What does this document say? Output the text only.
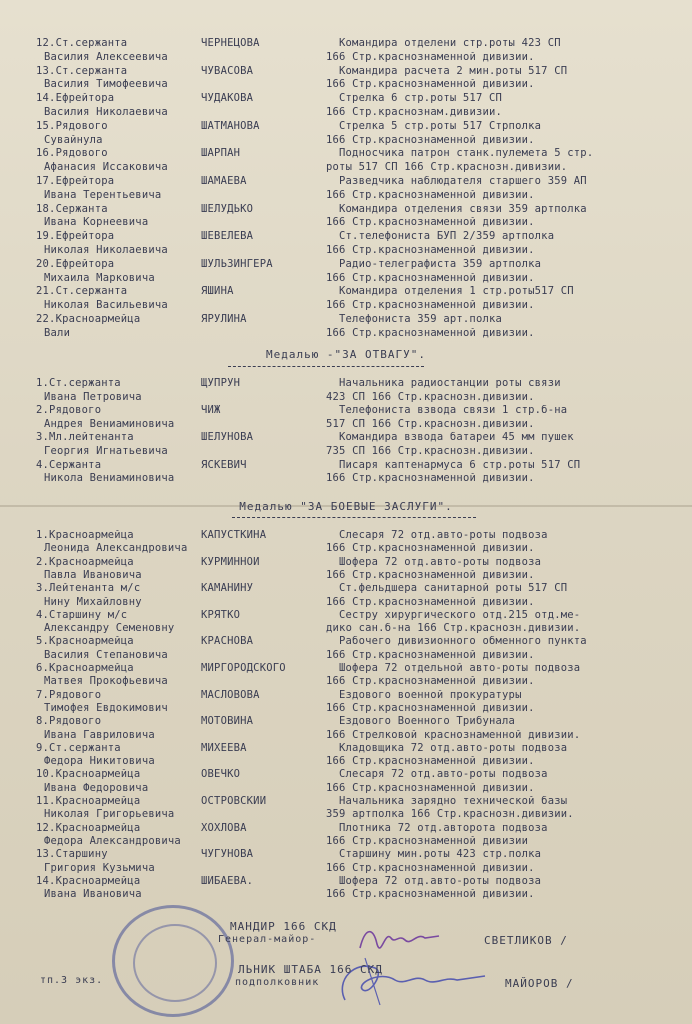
12.Ст.сержанта	ЧЕРНЕЦОВА	Командира отделени стр.роты 423 СП
Василия Алексеевича	166 Стр.краснознаменной дивизии.
13.Ст.сержанта	ЧУВАСОВА	Командира расчета 2 мин.роты 517 СП
Василия Тимофеевича	166 Стр.краснознаменной дивизии.
14.Ефрейтора	ЧУДАКОВА	Стрелка 6 стр.роты 517 СП
Василия Николаевича	166 Стр.краснознам.дивизии.
15.Рядового	ШАТМАНОВА	Стрелка 5 стр.роты 517 Стрполка
Сувайнула	166 Стр.краснознаменной дивизии.
16.Рядового	ШАРПАН	Подносчика патрон станк.пулемета 5 стр.
Афанасия Иссаковича	роты 517 СП 166 Стр.краснозн.дивизии.
17.Ефрейтора	ШАМАЕВА	Разведчика наблюдателя старшего 359 АП
Ивана Терентьевича	166 Стр.краснознаменной дивизии.
18.Сержанта	ШЕЛУДЬКО	Командира отделения связи 359 артполка
Ивана Корнеевича	166 Стр.краснознаменной дивизии.
19.Ефрейтора	ШЕВЕЛЕВА	Ст.телефониста БУП 2/359 артполка
Николая Николаевича	166 Стр.краснознаменной дивизии.
20.Ефрейтора	ШУЛЬЗИНГЕРА	Радио-телеграфиста 359 артполка
Михаила Марковича	166 Стр.краснознаменной дивизии.
21.Ст.сержанта	ЯШИНА	Командира отделения 1 стр.роты517 СП
Николая Васильевича	166 Стр.краснознаменной дивизии.
22.Красноармейца	ЯРУЛИНА	Телефониста 359 арт.полка
Вали	166 Стр.краснознаменной дивизии.
Медалью -"ЗА ОТВАГУ".
1.Ст.сержанта	ЩУПРУН	Начальника радиостанции роты связи
Ивана Петровича	423 СП 166 Стр.краснозн.дивизии.
2.Рядового	ЧИЖ	Телефониста взвода связи 1 стр.б-на
Андрея Вениаминовича	517 СП 166 Стр.краснозн.дивизии.
3.Мл.лейтенанта	ШЕЛУНОВА	Командира взвода батареи 45 мм пушек
Георгия Игнатьевича	735 СП 166 Стр.краснозн.дивизии.
4.Сержанта	ЯСКЕВИЧ	Писаря каптенармуса 6 стр.роты 517 СП
Никола Вениаминовича	166 Стр.краснознаменной дивизии.
Медалью "ЗА БОЕВЫЕ ЗАСЛУГИ".
1.Красноармейца	КАПУСТКИНА	Слесаря 72 отд.авто-роты подвоза
Леонида Александровича	166 Стр.краснознаменной дивизии.
2.Красноармейца	КУРМИННОИ	Шофера 72 отд.авто-роты подвоза
Павла Ивановича	166 Стр.краснознаменной дивизии.
3.Лейтенанта м/с	КАМАНИНУ	Ст.фельдшера санитарной роты 517 СП
Нину Михайловну	166 Стр.краснознаменной дивизии.
4.Старшину м/с	КРЯТКО	Сестру хирургического отд.215 отд.ме-
Александру Семеновну	дико сан.б-на 166 Стр.краснозн.дивизии.
5.Красноармейца	КРАСНОВА	Рабочего дивизионного обменного пункта
Василия Степановича	166 Стр.краснознаменной дивизии.
6.Красноармейца	МИРГОРОДСКОГО	Шофера 72 отдельной авто-роты подвоза
Матвея Прокофьевича	166 Стр.краснознаменной дивизии.
7.Рядового	МАСЛОВОВА	Ездового военной прокуратуры
Тимофея Евдокимович	166 Стр.краснознаменной дивизии.
8.Рядового	МОТОВИНА	Ездового Военного Трибунала
Ивана Гавриловича	166 Стрелковой краснознаменной дивизии.
9.Ст.сержанта	МИХЕЕВА	Кладовщика 72 отд.авто-роты подвоза
Федора Никитовича	166 Стр.краснознаменной дивизии.
10.Красноармейца	ОВЕЧКО	Слесаря 72 отд.авто-роты подвоза
Ивана Федоровича	166 Стр.краснознаменной дивизии.
11.Красноармейца	ОСТРОВСКИЙ	Начальника зарядно технической базы
Николая Григорьевича	359 артполка 166 Стр.краснозн.дивизии.
12.Красноармейца	ХОХЛОВА	Плотника 72 отд.авторота подвоза
Федора Александровича	166 Стр.краснознаменной дивизии
13.Старшину	ЧУГУНОВА	Старшину мин.роты 423 стр.полка
Григория Кузьмича	166 Стр.краснознаменной дивизии.
14.Красноармейца	ШИБАЕВА.	Шофера 72 отд.авто-роты подвоза
Ивана Ивановича	166 Стр.краснознаменной дивизии.
МАНДИР 166 СКД
Генерал-майор-	СВЕТЛИКОВ /
ЛЬНИК ШТАБА 166 СКД
подполковник	МАЙОРОВ /
тп.3 экз.
